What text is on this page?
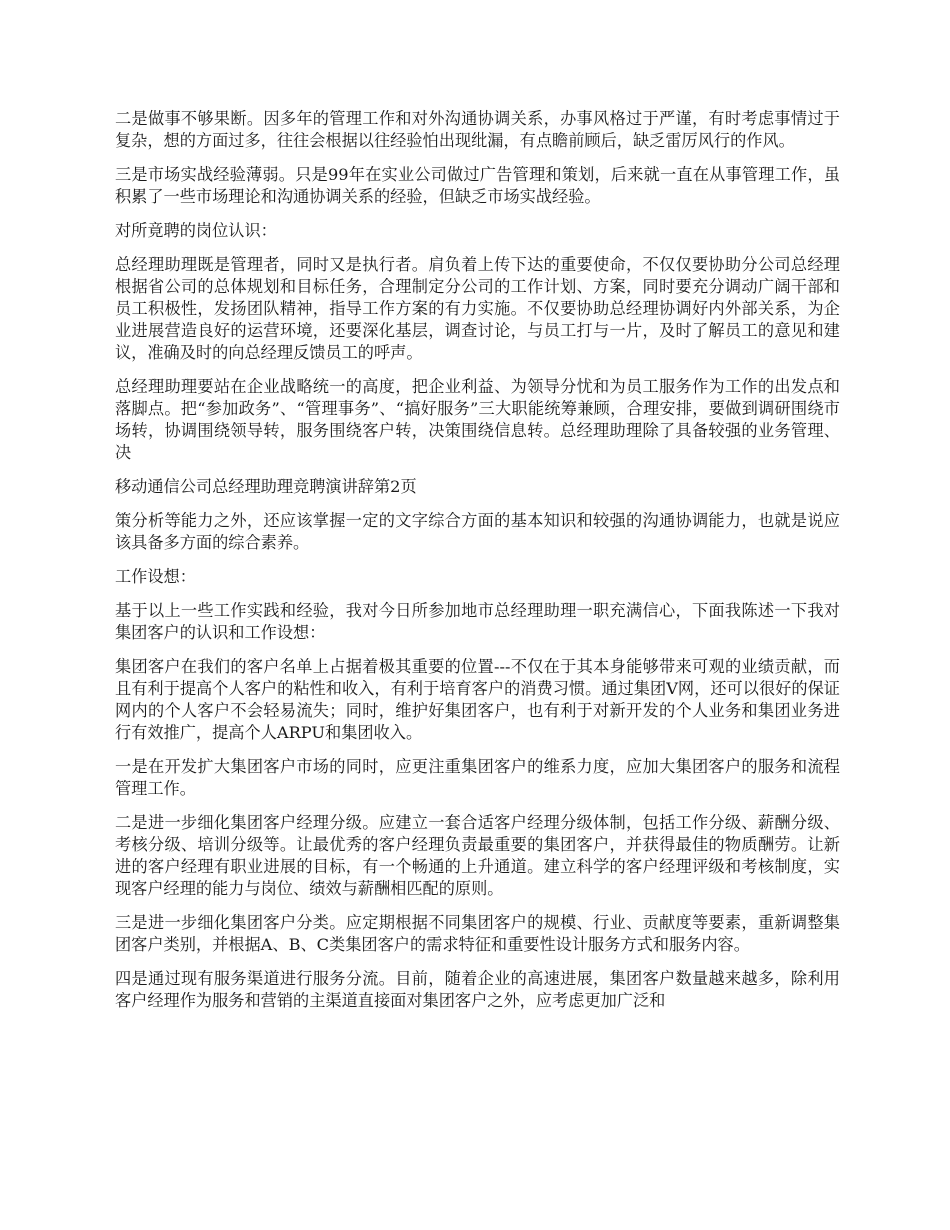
二是做事不够果断。因多年的管理工作和对外沟通协调关系，办事风格过于严谨，有时考虑事情过于复杂，想的方面过多，往往会根据以往经验怕出现纰漏，有点瞻前顾后，缺乏雷厉风行的作风。

三是市场实战经验薄弱。只是99年在实业公司做过广告管理和策划，后来就一直在从事管理工作，虽积累了一些市场理论和沟通协调关系的经验，但缺乏市场实战经验。

对所竟聘的岗位认识：

总经理助理既是管理者，同时又是执行者。肩负着上传下达的重要使命，不仅仅要协助分公司总经理根据省公司的总体规划和目标任务，合理制定分公司的工作计划、方案，同时要充分调动广阔干部和员工积极性，发扬团队精神，指导工作方案的有力实施。不仅要协助总经理协调好内外部关系，为企业进展营造良好的运营环境，还要深化基层，调查讨论，与员工打与一片，及时了解员工的意见和建议，准确及时的向总经理反馈员工的呼声。

总经理助理要站在企业战略统一的高度，把企业利益、为领导分忧和为员工服务作为工作的出发点和落脚点。把“参加政务”、“管理事务”、“搞好服务”三大职能统筹兼顾，合理安排，要做到调研围绕市场转，协调围绕领导转，服务围绕客户转，决策围绕信息转。总经理助理除了具备较强的业务管理、决

移动通信公司总经理助理竞聘演讲辞第2页

策分析等能力之外，还应该掌握一定的文字综合方面的基本知识和较强的沟通协调能力，也就是说应该具备多方面的综合素养。

工作设想：

基于以上一些工作实践和经验，我对今日所参加地市总经理助理一职充满信心，下面我陈述一下我对集团客户的认识和工作设想：

集团客户在我们的客户名单上占据着极其重要的位置---不仅在于其本身能够带来可观的业绩贡献，而且有利于提高个人客户的粘性和收入，有利于培育客户的消费习惯。通过集团V网，还可以很好的保证网内的个人客户不会轻易流失；同时，维护好集团客户，也有利于对新开发的个人业务和集团业务进行有效推广，提高个人ARPU和集团收入。

一是在开发扩大集团客户市场的同时，应更注重集团客户的维系力度，应加大集团客户的服务和流程管理工作。

二是进一步细化集团客户经理分级。应建立一套合适客户经理分级体制，包括工作分级、薪酬分级、考核分级、培训分级等。让最优秀的客户经理负责最重要的集团客户，并获得最佳的物质酬劳。让新进的客户经理有职业进展的目标，有一个畅通的上升通道。建立科学的客户经理评级和考核制度，实现客户经理的能力与岗位、绩效与薪酬相匹配的原则。

三是进一步细化集团客户分类。应定期根据不同集团客户的规模、行业、贡献度等要素，重新调整集团客户类别，并根据A、B、C类集团客户的需求特征和重要性设计服务方式和服务内容。

四是通过现有服务渠道进行服务分流。目前，随着企业的高速进展，集团客户数量越来越多，除利用客户经理作为服务和营销的主渠道直接面对集团客户之外，应考虑更加广泛和
